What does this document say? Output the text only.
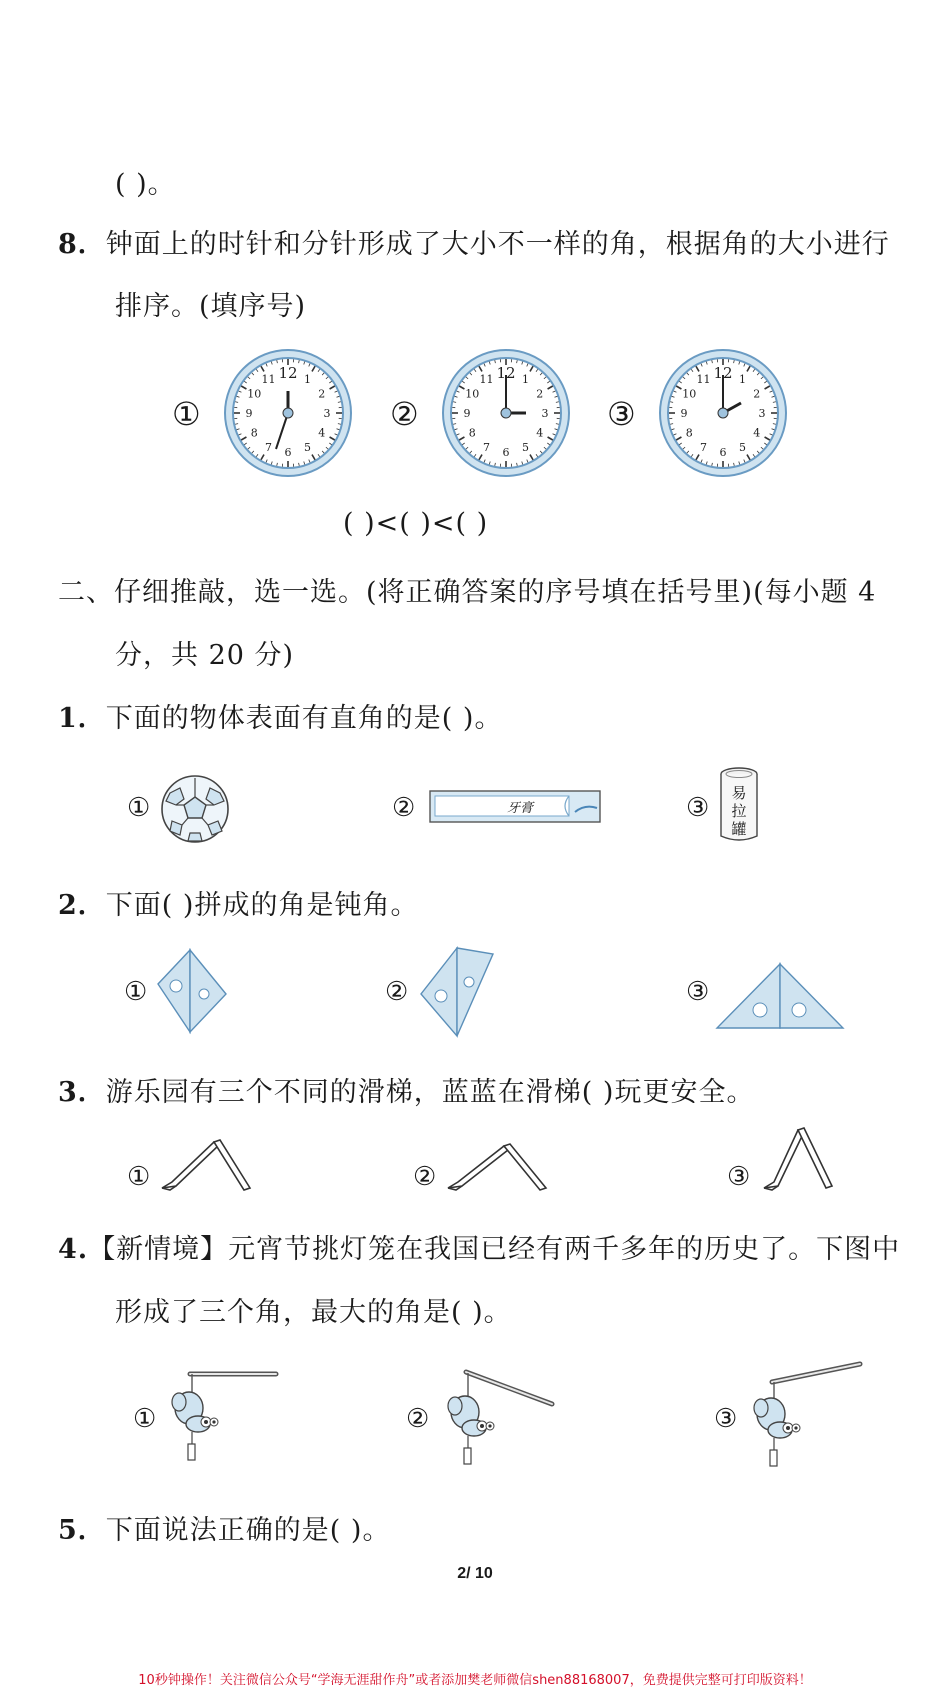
( )。
8．钟面上的时针和分针形成了大小不一样的角，根据角的大小进行
排序。(填序号)
①
12 1
2
3
4
5
6
7
8
9
10
11
②
12 1
2
3
4
5
6
7
8
9
10
11
③
12 1
2
3
4
5
6
7
8
9
10
11
( )<( )<( )
二、仔细推敲，选一选。(将正确答案的序号填在括号里)(每小题 4
分，共 20 分)
1．下面的物体表面有直角的是( )。
①	②	牙膏	③ 易
拉
罐
2．下面( )拼成的角是钝角。
①	②	③
3．游乐园有三个不同的滑梯，蓝蓝在滑梯( )玩更安全。
①	②	③
4.【新情境】元宵节挑灯笼在我国已经有两千多年的历史了。下图中
形成了三个角，最大的角是( )。
①	②	③
5．下面说法正确的是( )。
2/ 10
10秒钟操作！关注微信公众号“学海无涯甜作舟”或者添加樊老师微信shen88168007，免费提供完整可打印版资料！
